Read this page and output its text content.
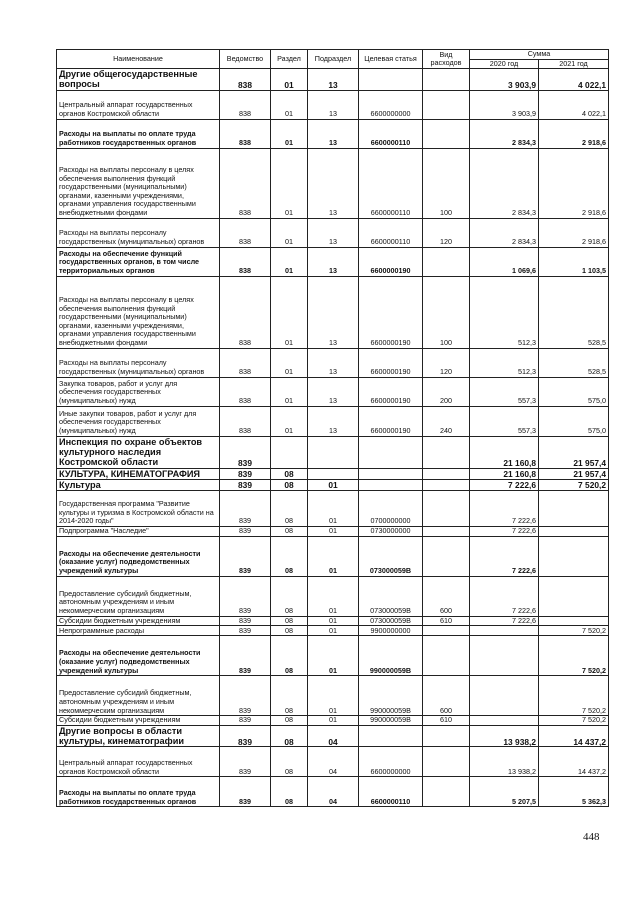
Наименование	Ведомство	Раздел	Подраздел	Целевая статья	Вид расходов	Сумма	
						2020 год	2021 год
Другие общегосударственные вопросы	838	01	13			3 903,9	4 022,1
Центральный аппарат государственных органов Костромской области	838	01	13	6600000000		3 903,9	4 022,1
Расходы на выплаты по оплате труда работников государственных органов	838	01	13	6600000110		2 834,3	2 918,6
Расходы на выплаты персоналу в целях обеспечения выполнения функций государственными (муниципальными) органами, казенными учреждениями, органами управления государственными внебюджетными фондами	838	01	13	6600000110	100	2 834,3	2 918,6
Расходы на выплаты персоналу государственных (муниципальных) органов	838	01	13	6600000110	120	2 834,3	2 918,6
Расходы на обеспечение функций государственных органов, в том числе территориальных органов	838	01	13	6600000190		1 069,6	1 103,5
Расходы на выплаты персоналу в целях обеспечения выполнения функций государственными (муниципальными) органами, казенными учреждениями, органами управления государственными внебюджетными фондами	838	01	13	6600000190	100	512,3	528,5
Расходы на выплаты персоналу государственных (муниципальных) органов	838	01	13	6600000190	120	512,3	528,5
Закупка товаров, работ и услуг для обеспечения государственных (муниципальных) нужд	838	01	13	6600000190	200	557,3	575,0
Иные закупки товаров, работ и услуг для обеспечения государственных (муниципальных) нужд	838	01	13	6600000190	240	557,3	575,0
Инспекция по охране объектов культурного наследия Костромской области	839					21 160,8	21 957,4
КУЛЬТУРА, КИНЕМАТОГРАФИЯ	839	08				21 160,8	21 957,4
Культура	839	08	01			7 222,6	7 520,2
Государственная программа "Развитие культуры и туризма в Костромской области на 2014-2020 годы"	839	08	01	0700000000		7 222,6	
Подпрограмма "Наследие"	839	08	01	0730000000		7 222,6	
Расходы на обеспечение деятельности (оказание услуг) подведомственных учреждений культуры	839	08	01	073000059В		7 222,6	
Предоставление субсидий бюджетным, автономным учреждениям и иным некоммерческим организациям	839	08	01	073000059В	600	7 222,6	
Субсидии бюджетным учреждениям	839	08	01	073000059В	610	7 222,6	
Непрограммные расходы	839	08	01	9900000000			7 520,2
Расходы на обеспечение деятельности (оказание услуг) подведомственных учреждений культуры	839	08	01	990000059В			7 520,2
Предоставление субсидий бюджетным, автономным учреждениям и иным некоммерческим организациям	839	08	01	990000059В	600		7 520,2
Субсидии бюджетным учреждениям	839	08	01	990000059В	610		7 520,2
Другие вопросы в области культуры, кинематографии	839	08	04			13 938,2	14 437,2
Центральный аппарат государственных органов Костромской области	839	08	04	6600000000		13 938,2	14 437,2
Расходы на выплаты по оплате труда работников государственных органов	839	08	04	6600000110		5 207,5	5 362,3
448
